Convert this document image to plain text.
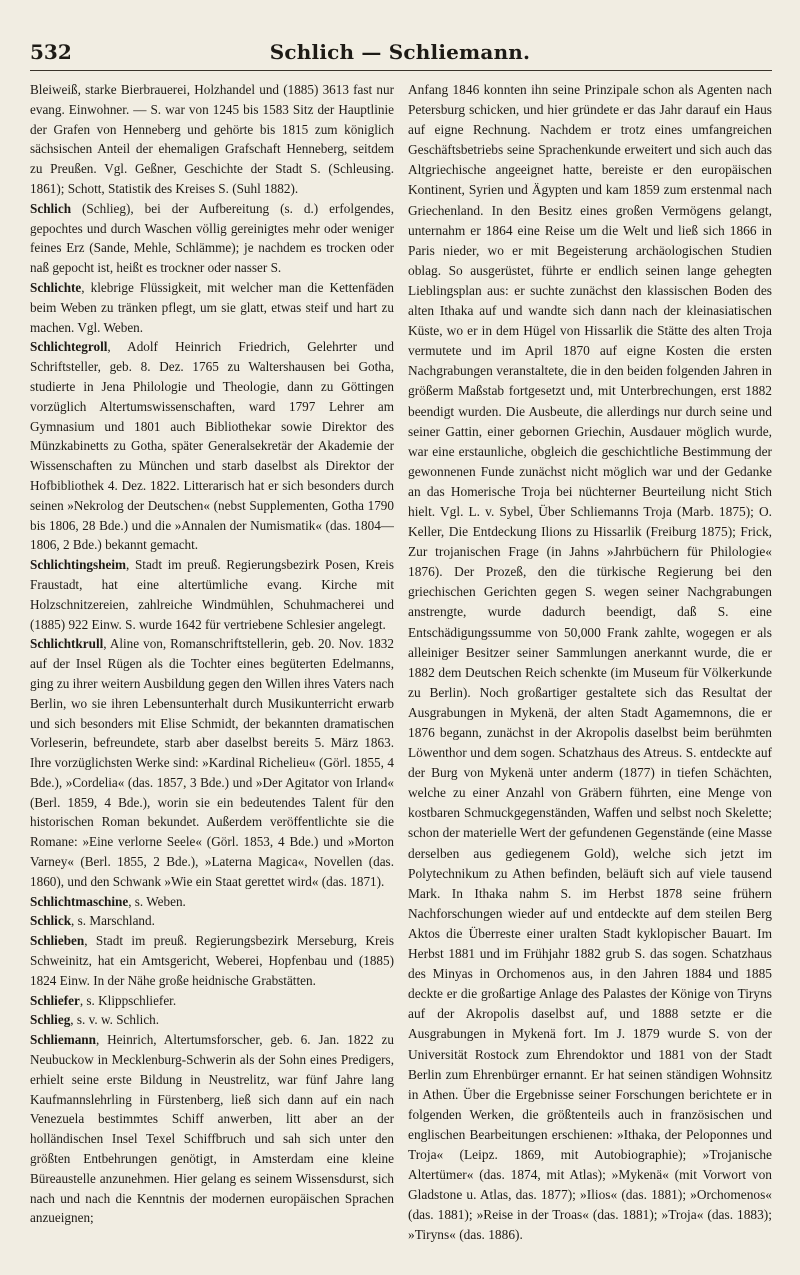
532	Schlich — Schliemann.

Bleiweiß, starke Bierbrauerei, Holzhandel und (1885) 3613 fast nur evang. Einwohner. — S. war von 1245 bis 1583 Sitz der Hauptlinie der Grafen von Henneberg und gehörte bis 1815 zum königlich sächsischen Anteil der ehemaligen Grafschaft Henneberg, seitdem zu Preußen. Vgl. Geßner, Geschichte der Stadt S. (Schleusing. 1861); Schott, Statistik des Kreises S. (Suhl 1882).

Schlich (Schlieg), bei der Aufbereitung (s. d.) erfolgendes, gepochtes und durch Waschen völlig gereinigtes mehr oder weniger feines Erz (Sande, Mehle, Schlämme); je nachdem es trocken oder naß gepocht ist, heißt es trockner oder nasser S.

Schlichte, klebrige Flüssigkeit, mit welcher man die Kettenfäden beim Weben zu tränken pflegt, um sie glatt, etwas steif und hart zu machen. Vgl. Weben.

Schlichtegroll, Adolf Heinrich Friedrich, Gelehrter und Schriftsteller, geb. 8. Dez. 1765 zu Waltershausen bei Gotha, studierte in Jena Philologie und Theologie, dann zu Göttingen vorzüglich Altertumswissenschaften, ward 1797 Lehrer am Gymnasium und 1801 auch Bibliothekar sowie Direktor des Münzkabinetts zu Gotha, später Generalsekretär der Akademie der Wissenschaften zu München und starb daselbst als Direktor der Hofbibliothek 4. Dez. 1822. Litterarisch hat er sich besonders durch seinen »Nekrolog der Deutschen« (nebst Supplementen, Gotha 1790 bis 1806, 28 Bde.) und die »Annalen der Numismatik« (das. 1804—1806, 2 Bde.) bekannt gemacht.

Schlichtingsheim, Stadt im preuß. Regierungsbezirk Posen, Kreis Fraustadt, hat eine altertümliche evang. Kirche mit Holzschnitzereien, zahlreiche Windmühlen, Schuhmacherei und (1885) 922 Einw. S. wurde 1642 für vertriebene Schlesier angelegt.

Schlichtkrull, Aline von, Romanschriftstellerin, geb. 20. Nov. 1832 auf der Insel Rügen als die Tochter eines begüterten Edelmanns, ging zu ihrer weitern Ausbildung gegen den Willen ihres Vaters nach Berlin, wo sie ihren Lebensunterhalt durch Musikunterricht erwarb und sich besonders mit Elise Schmidt, der bekannten dramatischen Vorleserin, befreundete, starb aber daselbst bereits 5. März 1863. Ihre vorzüglichsten Werke sind: »Kardinal Richelieu« (Görl. 1855, 4 Bde.), »Cordelia« (das. 1857, 3 Bde.) und »Der Agitator von Irland« (Berl. 1859, 4 Bde.), worin sie ein bedeutendes Talent für den historischen Roman bekundet. Außerdem veröffentlichte sie die Romane: »Eine verlorne Seele« (Görl. 1853, 4 Bde.) und »Morton Varney« (Berl. 1855, 2 Bde.), »Laterna Magica«, Novellen (das. 1860), und den Schwank »Wie ein Staat gerettet wird« (das. 1871).

Schlichtmaschine, s. Weben.

Schlick, s. Marschland.

Schlieben, Stadt im preuß. Regierungsbezirk Merseburg, Kreis Schweinitz, hat ein Amtsgericht, Weberei, Hopfenbau und (1885) 1824 Einw. In der Nähe große heidnische Grabstätten.

Schliefer, s. Klippschliefer.

Schlieg, s. v. w. Schlich.

Schliemann, Heinrich, Altertumsforscher, geb. 6. Jan. 1822 zu Neubuckow in Mecklenburg-Schwerin als der Sohn eines Predigers, erhielt seine erste Bildung in Neustrelitz, war fünf Jahre lang Kaufmannslehrling in Fürstenberg, ließ sich dann auf ein nach Venezuela bestimmtes Schiff anwerben, litt aber an der holländischen Insel Texel Schiffbruch und sah sich unter den größten Entbehrungen genötigt, in Amsterdam eine kleine Büreaustelle anzunehmen. Hier gelang es seinem Wissensdurst, sich nach und nach die Kenntnis der modernen europäischen Sprachen anzueignen;

Anfang 1846 konnten ihn seine Prinzipale schon als Agenten nach Petersburg schicken, und hier gründete er das Jahr darauf ein Haus auf eigne Rechnung. Nachdem er trotz eines umfangreichen Geschäftsbetriebs seine Sprachenkunde erweitert und sich auch das Altgriechische angeeignet hatte, bereiste er den europäischen Kontinent, Syrien und Ägypten und kam 1859 zum erstenmal nach Griechenland. In den Besitz eines großen Vermögens gelangt, unternahm er 1864 eine Reise um die Welt und ließ sich 1866 in Paris nieder, wo er mit Begeisterung archäologischen Studien oblag. So ausgerüstet, führte er endlich seinen lange gehegten Lieblingsplan aus: er suchte zunächst den klassischen Boden des alten Ithaka auf und wandte sich dann nach der kleinasiatischen Küste, wo er in dem Hügel von Hissarlik die Stätte des alten Troja vermutete und im April 1870 auf eigne Kosten die ersten Nachgrabungen veranstaltete, die in den beiden folgenden Jahren in größerm Maßstab fortgesetzt und, mit Unterbrechungen, erst 1882 beendigt wurden. Die Ausbeute, die allerdings nur durch seine und seiner Gattin, einer gebornen Griechin, Ausdauer möglich wurde, war eine erstaunliche, obgleich die geschichtliche Bestimmung der gewonnenen Funde zunächst nicht möglich war und der Gedanke an das Homerische Troja bei nüchterner Beurteilung nicht Stich hielt. Vgl. L. v. Sybel, Über Schliemanns Troja (Marb. 1875); O. Keller, Die Entdeckung Ilions zu Hissarlik (Freiburg 1875); Frick, Zur trojanischen Frage (in Jahns »Jahrbüchern für Philologie« 1876). Der Prozeß, den die türkische Regierung bei den griechischen Gerichten gegen S. wegen seiner Nachgrabungen anstrengte, wurde dadurch beendigt, daß S. eine Entschädigungssumme von 50,000 Frank zahlte, wogegen er als alleiniger Besitzer seiner Sammlungen anerkannt wurde, die er 1882 dem Deutschen Reich schenkte (im Museum für Völkerkunde zu Berlin). Noch großartiger gestaltete sich das Resultat der Ausgrabungen in Mykenä, der alten Stadt Agamemnons, die er 1876 begann, zunächst in der Akropolis daselbst beim berühmten Löwenthor und dem sogen. Schatzhaus des Atreus. S. entdeckte auf der Burg von Mykenä unter anderm (1877) in tiefen Schächten, welche zu einer Anzahl von Gräbern führten, eine Menge von kostbaren Schmuckgegenständen, Waffen und selbst noch Skelette; schon der materielle Wert der gefundenen Gegenstände (eine Masse derselben aus gediegenem Gold), welche sich jetzt im Polytechnikum zu Athen befinden, beläuft sich auf viele tausend Mark. In Ithaka nahm S. im Herbst 1878 seine frühern Nachforschungen wieder auf und entdeckte auf dem steilen Berg Aktos die Überreste einer uralten Stadt kyklopischer Bauart. Im Herbst 1881 und im Frühjahr 1882 grub S. das sogen. Schatzhaus des Minyas in Orchomenos aus, in den Jahren 1884 und 1885 deckte er die großartige Anlage des Palastes der Könige von Tiryns auf der Akropolis daselbst auf, und 1888 setzte er die Ausgrabungen in Mykenä fort. Im J. 1879 wurde S. von der Universität Rostock zum Ehrendoktor und 1881 von der Stadt Berlin zum Ehrenbürger ernannt. Er hat seinen ständigen Wohnsitz in Athen. Über die Ergebnisse seiner Forschungen berichtete er in folgenden Werken, die größtenteils auch in französischen und englischen Bearbeitungen erschienen: »Ithaka, der Peloponnes und Troja« (Leipz. 1869, mit Autobiographie); »Trojanische Altertümer« (das. 1874, mit Atlas); »Mykenä« (mit Vorwort von Gladstone u. Atlas, das. 1877); »Ilios« (das. 1881); »Orchomenos« (das. 1881); »Reise in der Troas« (das. 1881); »Troja« (das. 1883); »Tiryns« (das. 1886).
